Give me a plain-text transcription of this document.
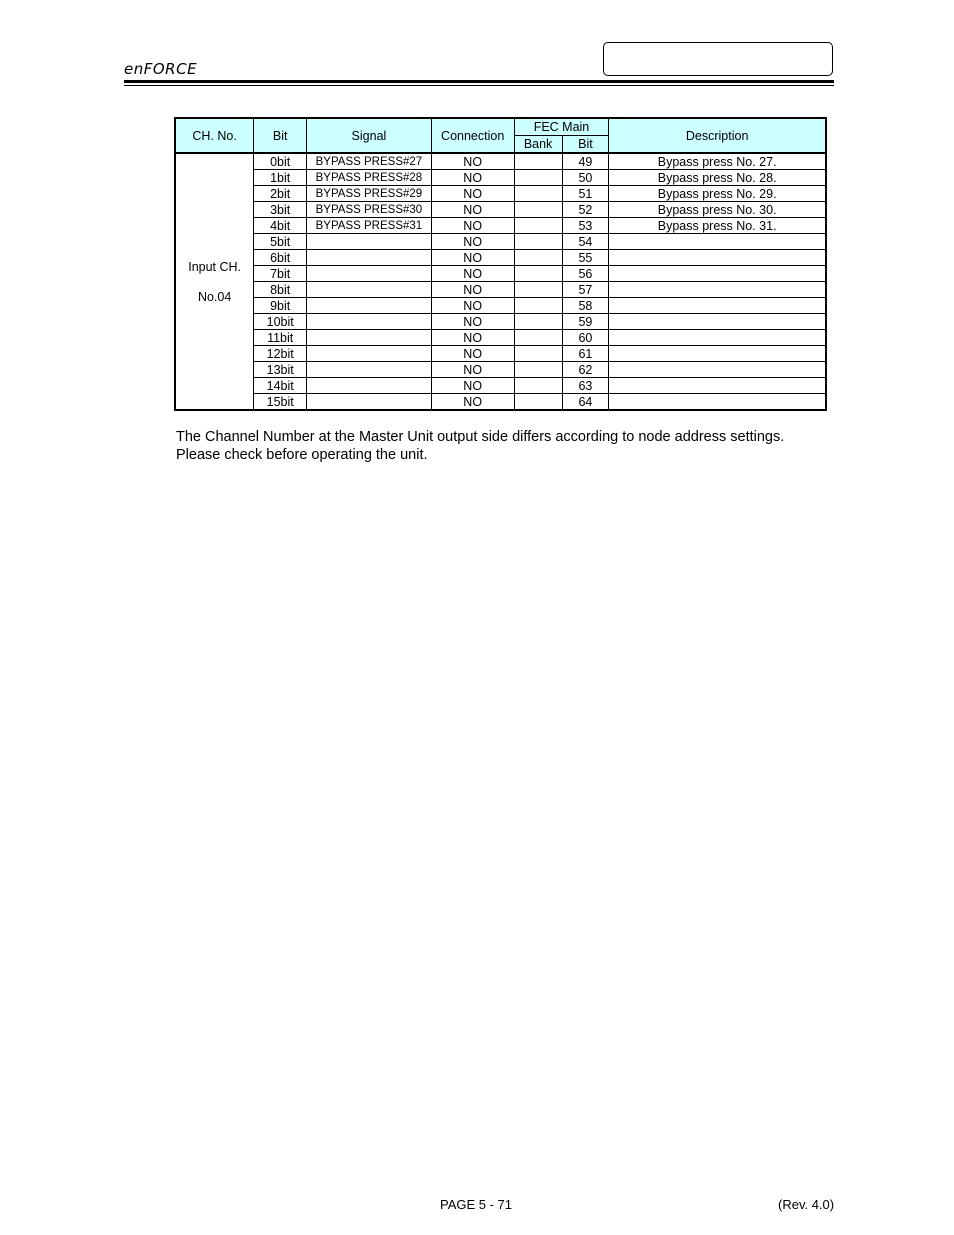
enFORCE
CH. No.	Bit	Signal	Connection	FEC Main		Description
				Bank	Bit	

Input CH.
No.04	0bit	BYPASS PRESS#27	NO		49	Bypass press No. 27.
	1bit	BYPASS PRESS#28	NO		50	Bypass press No. 28.
	2bit	BYPASS PRESS#29	NO		51	Bypass press No. 29.
	3bit	BYPASS PRESS#30	NO		52	Bypass press No. 30.
	4bit	BYPASS PRESS#31	NO		53	Bypass press No. 31.
	5bit		NO		54	
	6bit		NO		55	
	7bit		NO		56	
	8bit		NO		57	
	9bit		NO		58	
	10bit		NO		59	
	11bit		NO		60	
	12bit		NO		61	
	13bit		NO		62	
	14bit		NO		63	
	15bit		NO		64	
The Channel Number at the Master Unit output side differs according to node address settings.
Please check before operating the unit.
PAGE 5 - 71	(Rev. 4.0)
